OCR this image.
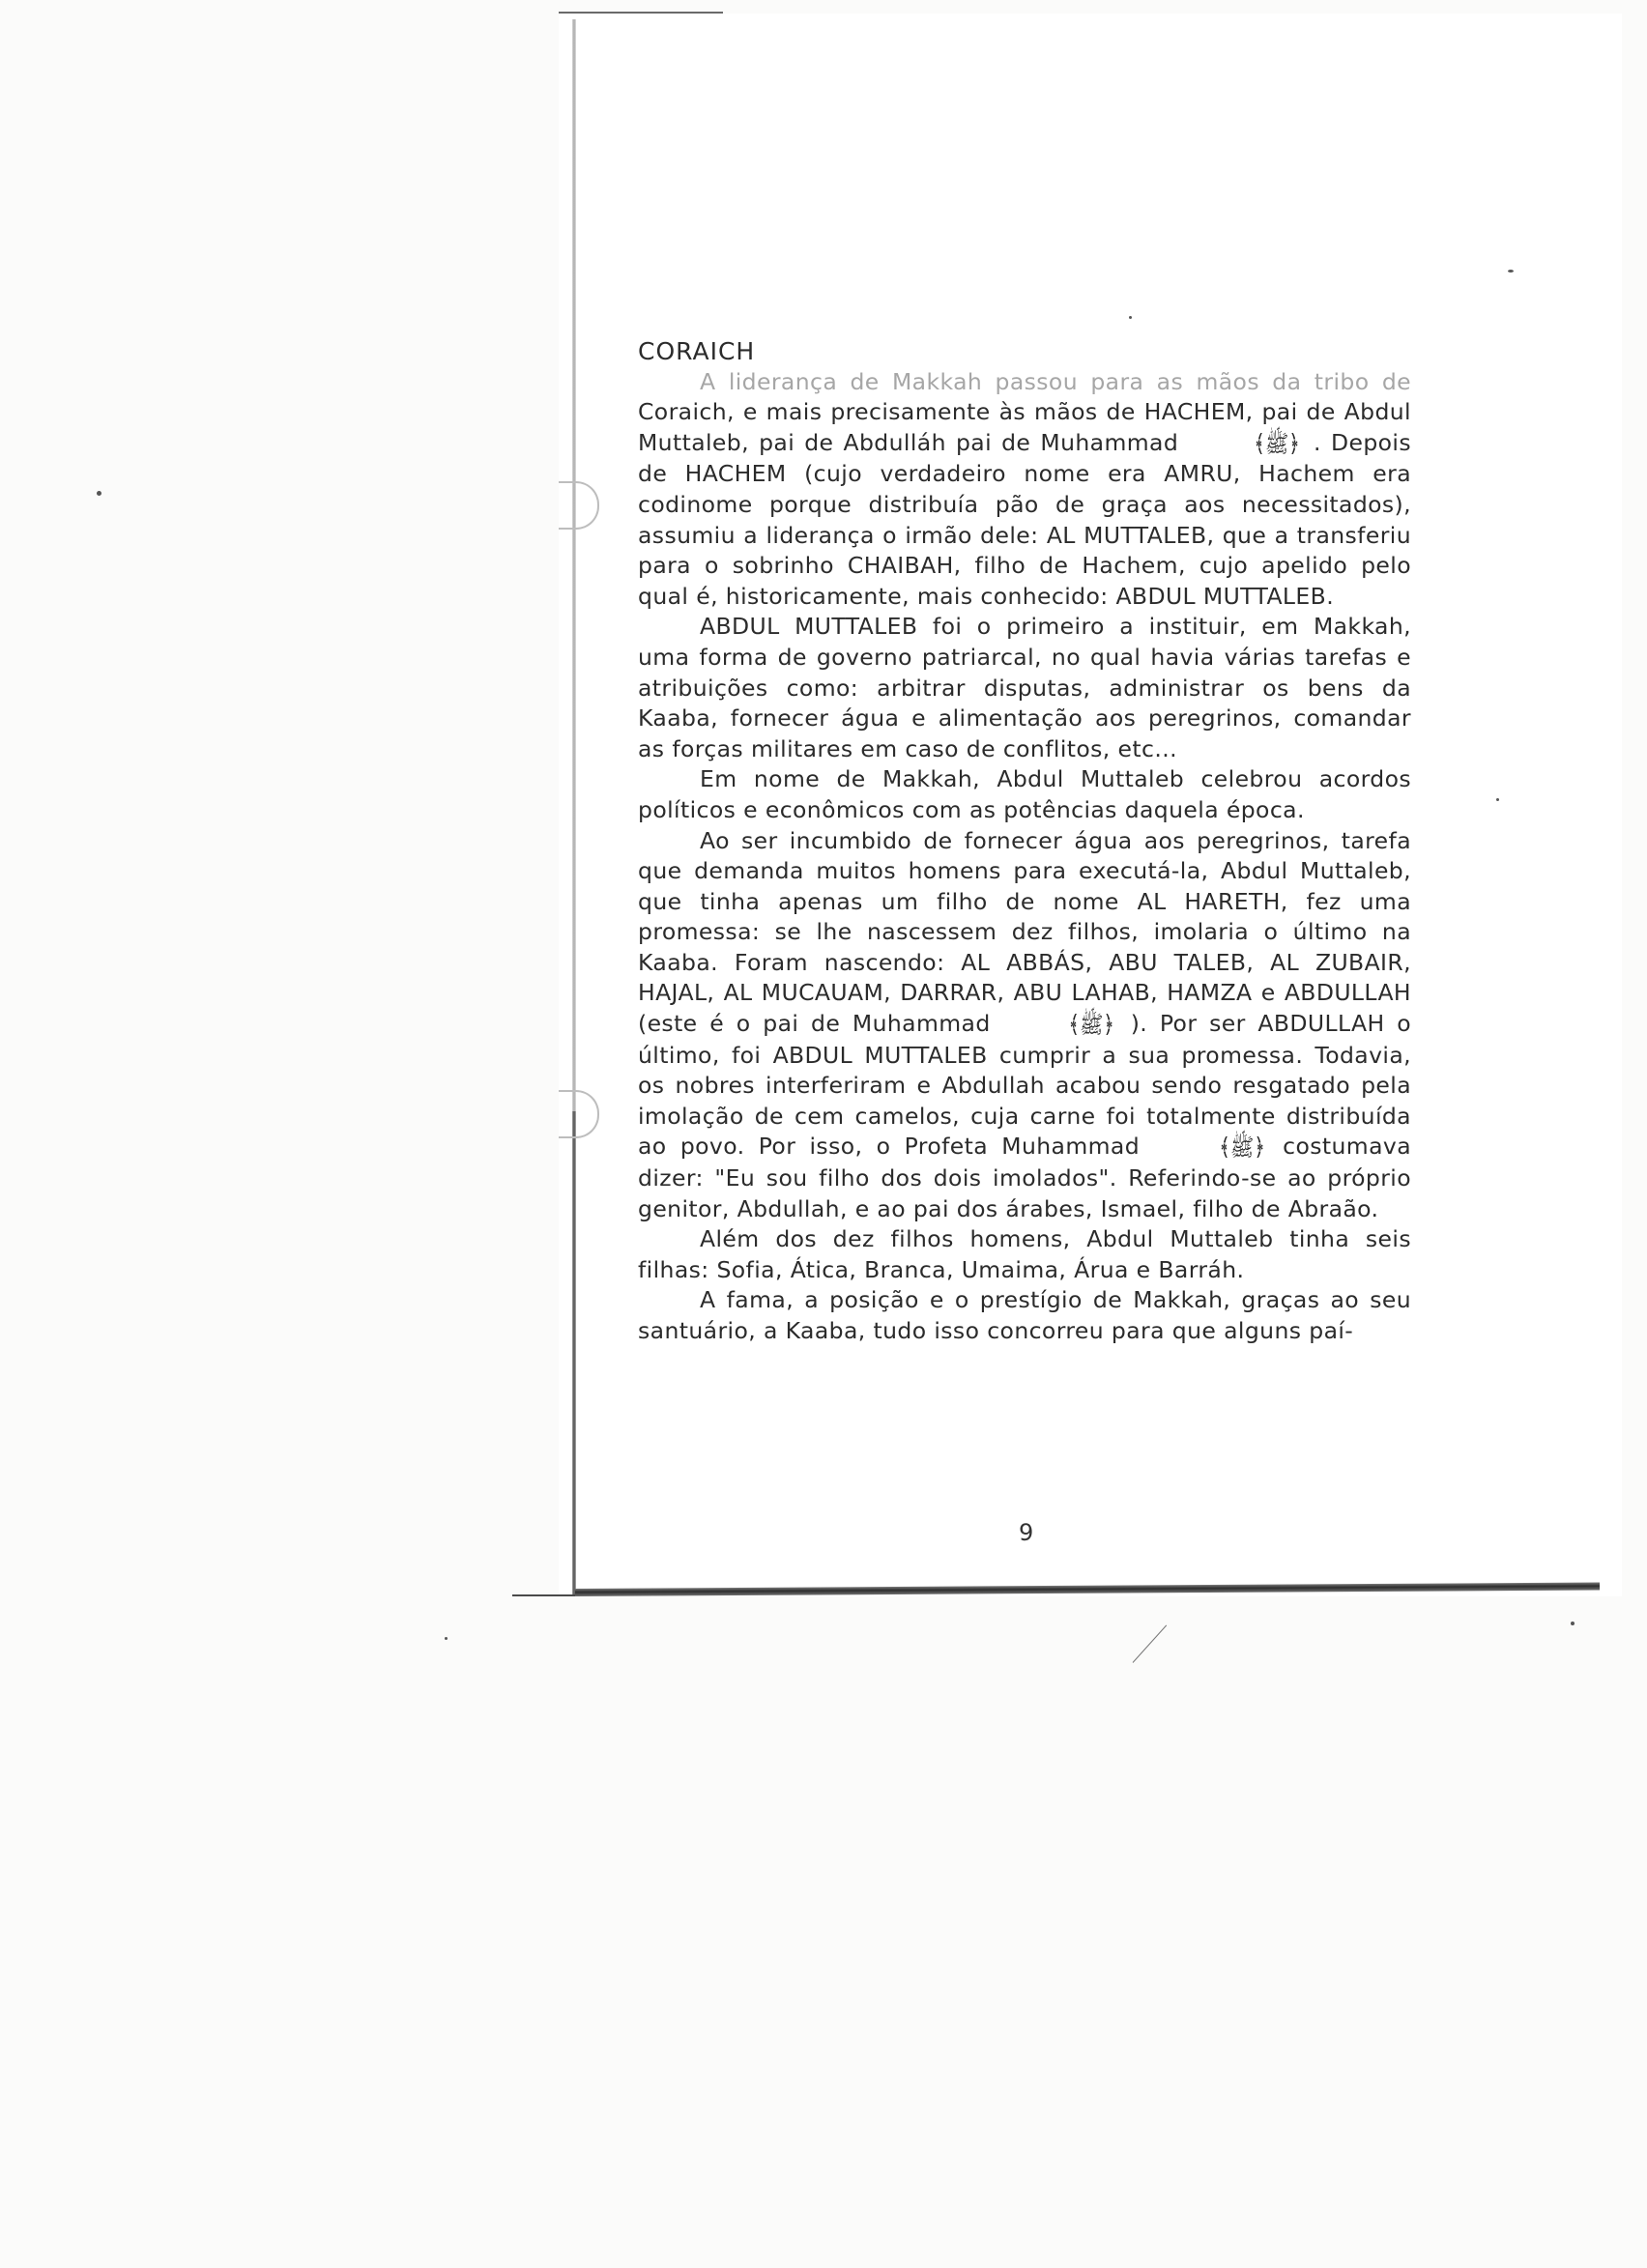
CORAICH

A liderança de Makkah passou para as mãos da tribo de Coraich, e mais precisamente às mãos de HACHEM, pai de Abdul Muttaleb, pai de Abdulláh pai de Muhammad	﴾ﷺ﴿ . Depois de HACHEM (cujo verdadeiro nome era AMRU, Hachem era codinome porque distribuía pão de graça aos necessitados), assumiu a liderança o irmão dele: AL MUTTALEB, que a transferiu para o sobrinho CHAIBAH, filho de Hachem, cujo apelido pelo qual é, historicamente, mais conhecido: ABDUL MUTTALEB.

ABDUL MUTTALEB foi o primeiro a instituir, em Makkah, uma forma de governo patriarcal, no qual havia várias tarefas e atribuições como: arbitrar disputas, administrar os bens da Kaaba, fornecer água e alimentação aos peregrinos, comandar as forças militares em caso de conflitos, etc...

Em nome de Makkah, Abdul Muttaleb celebrou acordos políticos e econômicos com as potências daquela época.

Ao ser incumbido de fornecer água aos peregrinos, tarefa que demanda muitos homens para executá-la, Abdul Muttaleb, que tinha apenas um filho de nome AL HARETH, fez uma promessa: se lhe nascessem dez filhos, imolaria o último na Kaaba. Foram nascendo: AL ABBÁS, ABU TALEB, AL ZUBAIR, HAJAL, AL MUCAUAM, DARRAR, ABU LAHAB, HAMZA e ABDULLAH (este é o pai de Muhammad	﴾ﷺ﴿ ). Por ser ABDULLAH o último, foi ABDUL MUTTALEB cumprir a sua promessa. Todavia, os nobres interferiram e Abdullah acabou sendo resgatado pela imolação de cem camelos, cuja carne foi totalmente distribuída ao povo. Por isso, o Profeta Muhammad	﴾ﷺ﴿ costumava dizer: "Eu sou filho dos dois imolados". Referindo-se ao próprio genitor, Abdullah, e ao pai dos árabes, Ismael, filho de Abraão.

Além dos dez filhos homens, Abdul Muttaleb tinha seis filhas: Sofia, Ática, Branca, Umaima, Árua e Barráh.

A fama, a posição e o prestígio de Makkah, graças ao seu santuário, a Kaaba, tudo isso concorreu para que alguns paí-

9
